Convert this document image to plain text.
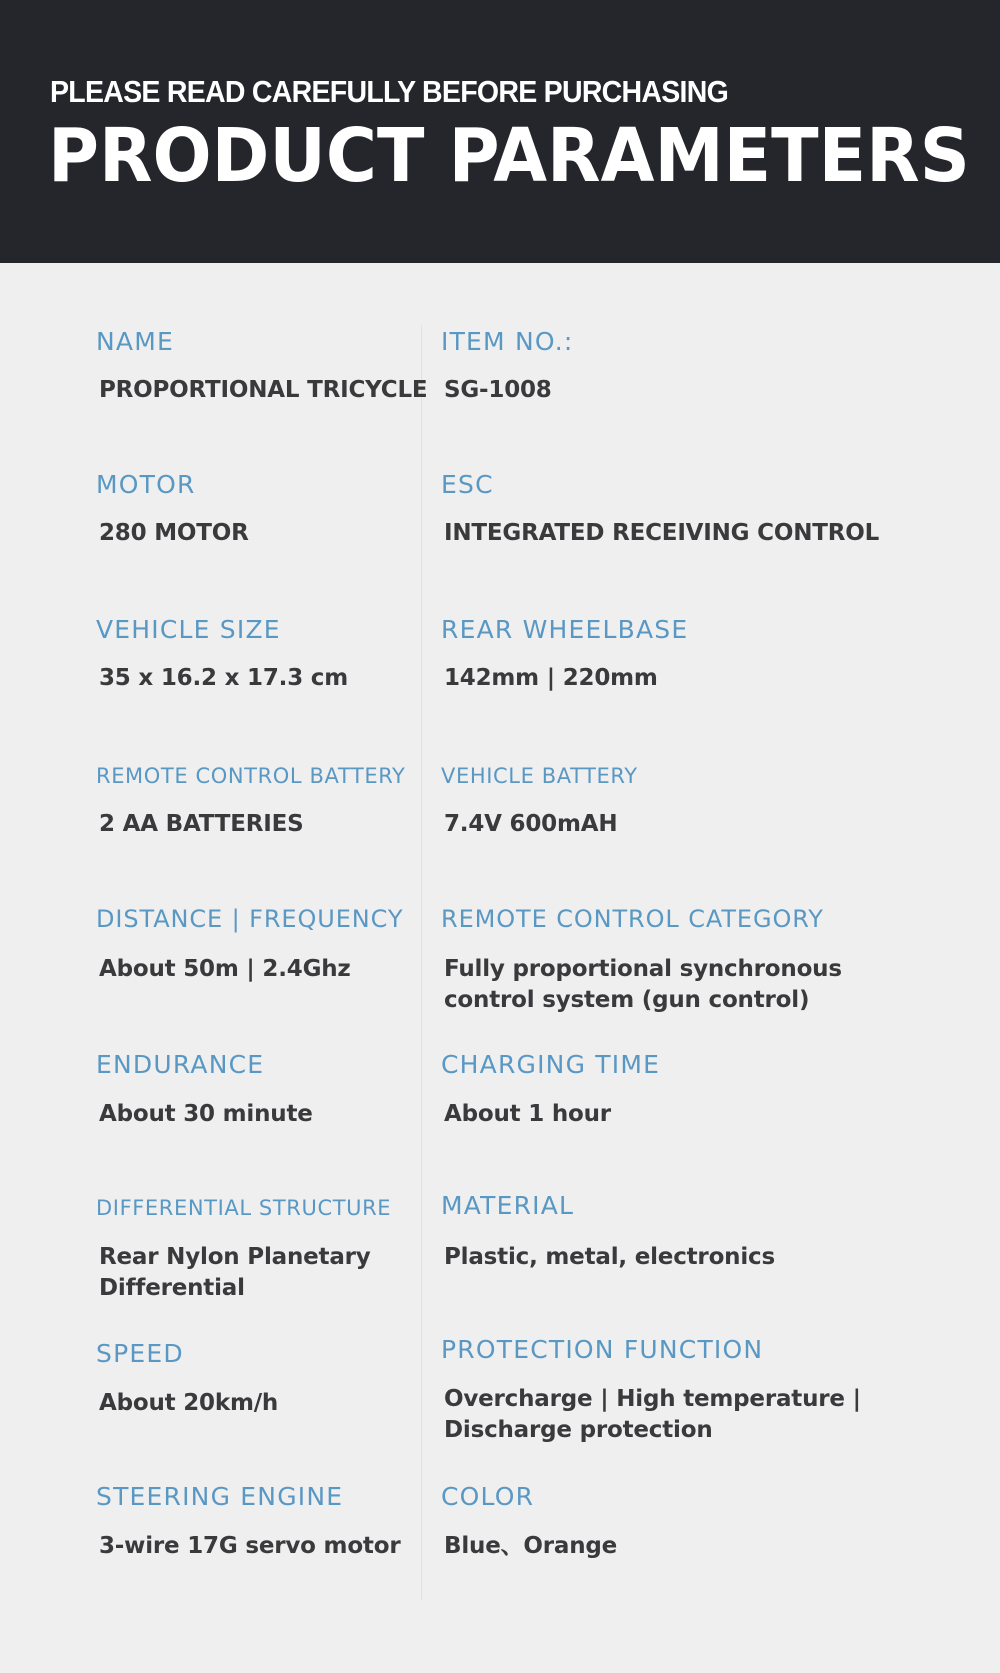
PLEASE READ CAREFULLY BEFORE PURCHASING
PRODUCT PARAMETERS
NAME
PROPORTIONAL TRICYCLE
ITEM NO.:
SG-1008
MOTOR
280 MOTOR
ESC
INTEGRATED RECEIVING CONTROL
VEHICLE SIZE
35 x 16.2 x 17.3 cm
REAR WHEELBASE
142mm | 220mm
REMOTE CONTROL BATTERY
2 AA BATTERIES
VEHICLE BATTERY
7.4V 600mAH
DISTANCE | FREQUENCY
About 50m | 2.4Ghz
REMOTE CONTROL CATEGORY
Fully proportional synchronous
control system (gun control)
ENDURANCE
About 30 minute
CHARGING TIME
About 1 hour
DIFFERENTIAL STRUCTURE
Rear Nylon Planetary
Differential
MATERIAL
Plastic, metal, electronics
SPEED
About 20km/h
PROTECTION FUNCTION
Overcharge | High temperature |
Discharge protection
STEERING ENGINE
3-wire 17G servo motor
COLOR
Blue、Orange
